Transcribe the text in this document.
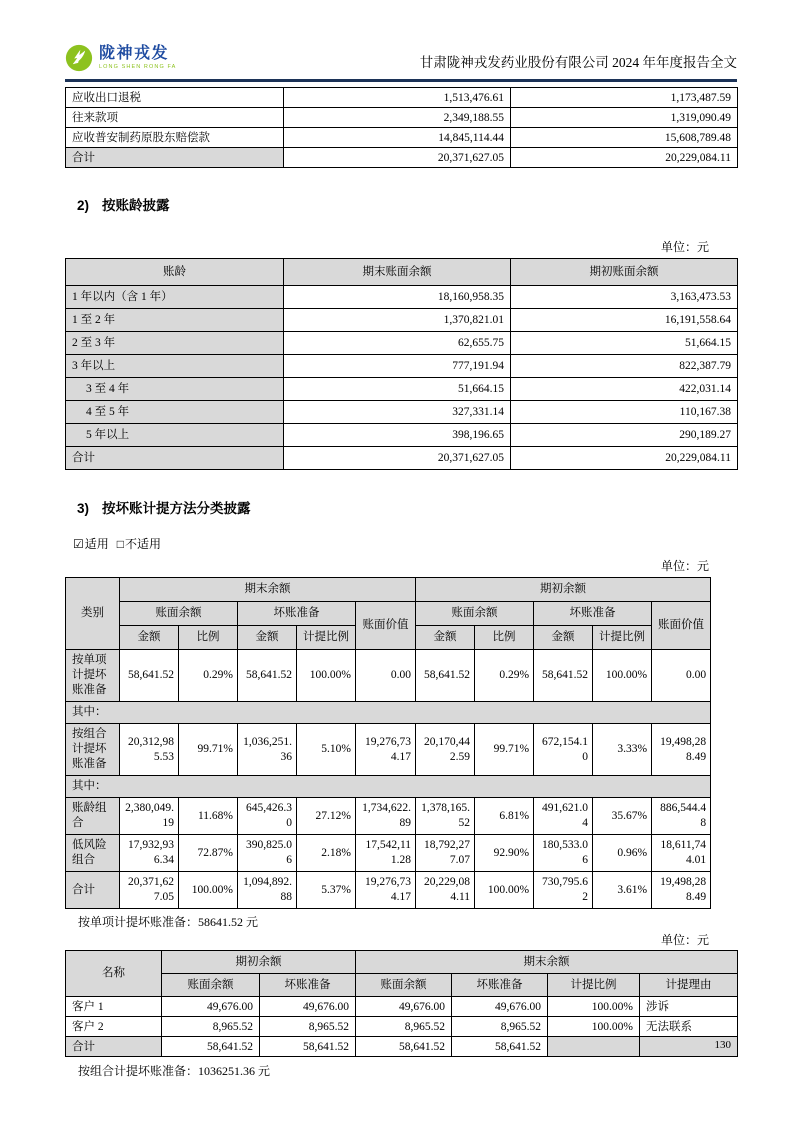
陇神戎发
LONG SHEN RONG FA	甘肃陇神戎发药业股份有限公司 2024 年年度报告全文
应收出口退税	1,513,476.61	1,173,487.59
往来款项	2,349,188.55	1,319,090.49
应收普安制药原股东赔偿款	14,845,114.44	15,608,789.48
合计	20,371,627.05	20,229,084.11
2) 按账龄披露
单位：元
账龄	期末账面余额	期初账面余额
1 年以内（含 1 年）	18,160,958.35	3,163,473.53
1 至 2 年	1,370,821.01	16,191,558.64
2 至 3 年	62,655.75	51,664.15
3 年以上	777,191.94	822,387.79
3 至 4 年	51,664.15	422,031.14
4 至 5 年	327,331.14	110,167.38
5 年以上	398,196.65	290,189.27
合计	20,371,627.05	20,229,084.11
3) 按坏账计提方法分类披露
☑适用 □不适用
单位：元
类别	期末余额					期初余额				
	账面余额		坏账准备		账面价值	账面余额		坏账准备		账面价值
	金额	比例	金额	计提比例		金额	比例	金额	计提比例	
按单项计提坏账准备	58,641.52	0.29%	58,641.52	100.00%	0.00	58,641.52	0.29%	58,641.52	100.00%	0.00
其中：										
按组合计提坏账准备	20,312,985.53	99.71%	1,036,251.36	5.10%	19,276,734.17	20,170,442.59	99.71%	672,154.10	3.33%	19,498,288.49
其中：										
账龄组合	2,380,049.19	11.68%	645,426.30	27.12%	1,734,622.89	1,378,165.52	6.81%	491,621.04	35.67%	886,544.48
低风险组合	17,932,936.34	72.87%	390,825.06	2.18%	17,542,111.28	18,792,277.07	92.90%	180,533.06	0.96%	18,611,744.01
合计	20,371,627.05	100.00%	1,094,892.88	5.37%	19,276,734.17	20,229,084.11	100.00%	730,795.62	3.61%	19,498,288.49
按单项计提坏账准备：58641.52 元
单位：元
名称	期初余额		期末余额			
	账面余额	坏账准备	账面余额	坏账准备	计提比例	计提理由
客户 1	49,676.00	49,676.00	49,676.00	49,676.00	100.00%	涉诉
客户 2	8,965.52	8,965.52	8,965.52	8,965.52	100.00%	无法联系
合计	58,641.52	58,641.52	58,641.52	58,641.52		
按组合计提坏账准备：1036251.36 元
130
